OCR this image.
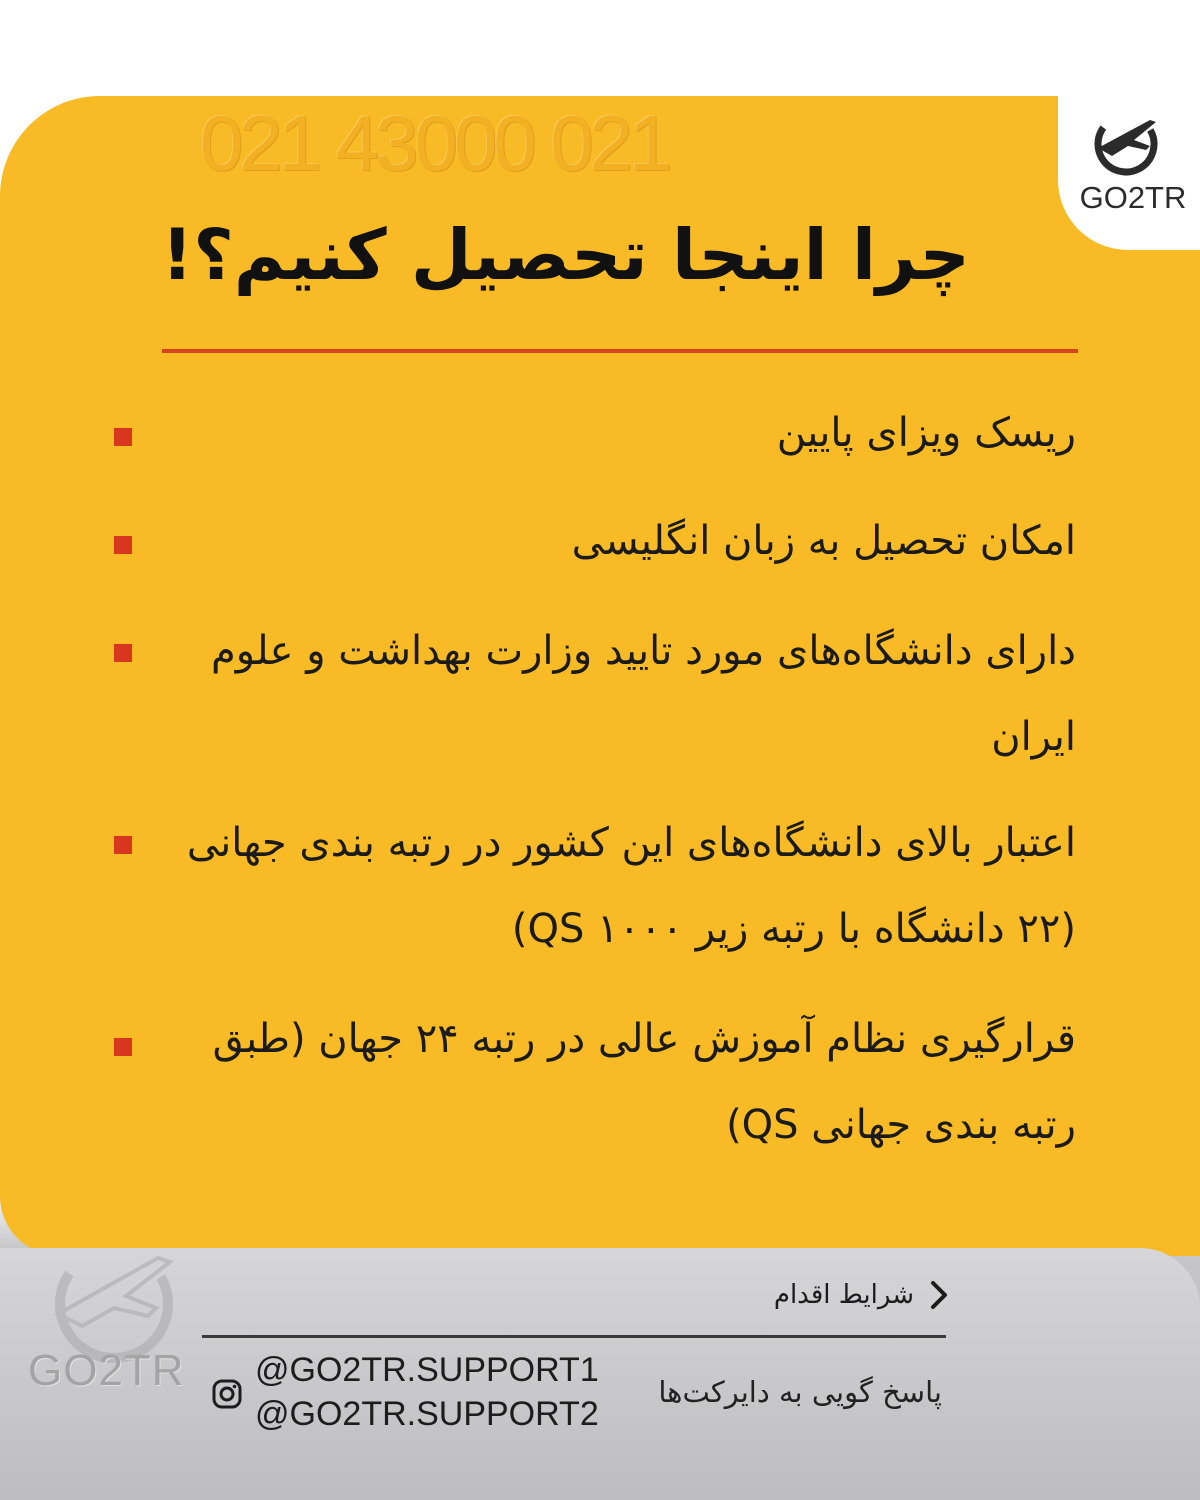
021 43000 021
GO2TR
چرا اینجا تحصیل کنیم؟!
ریسک ویزای پایین
امکان تحصیل به زبان انگلیسی
دارای دانشگاه‌های مورد تایید وزارت بهداشت و علوم ایران
اعتبار بالای دانشگاه‌های این کشور در رتبه بندی جهانی (۲۲ دانشگاه با رتبه زیر QS ۱۰۰۰)
قرارگیری نظام آموزش عالی در رتبه ۲۴ جهان (طبق رتبه بندی جهانی QS)
GO2TR
شرایط اقدام
@GO2TR.SUPPORT1
@GO2TR.SUPPORT2
پاسخ گویی به دایرکت‌ها
